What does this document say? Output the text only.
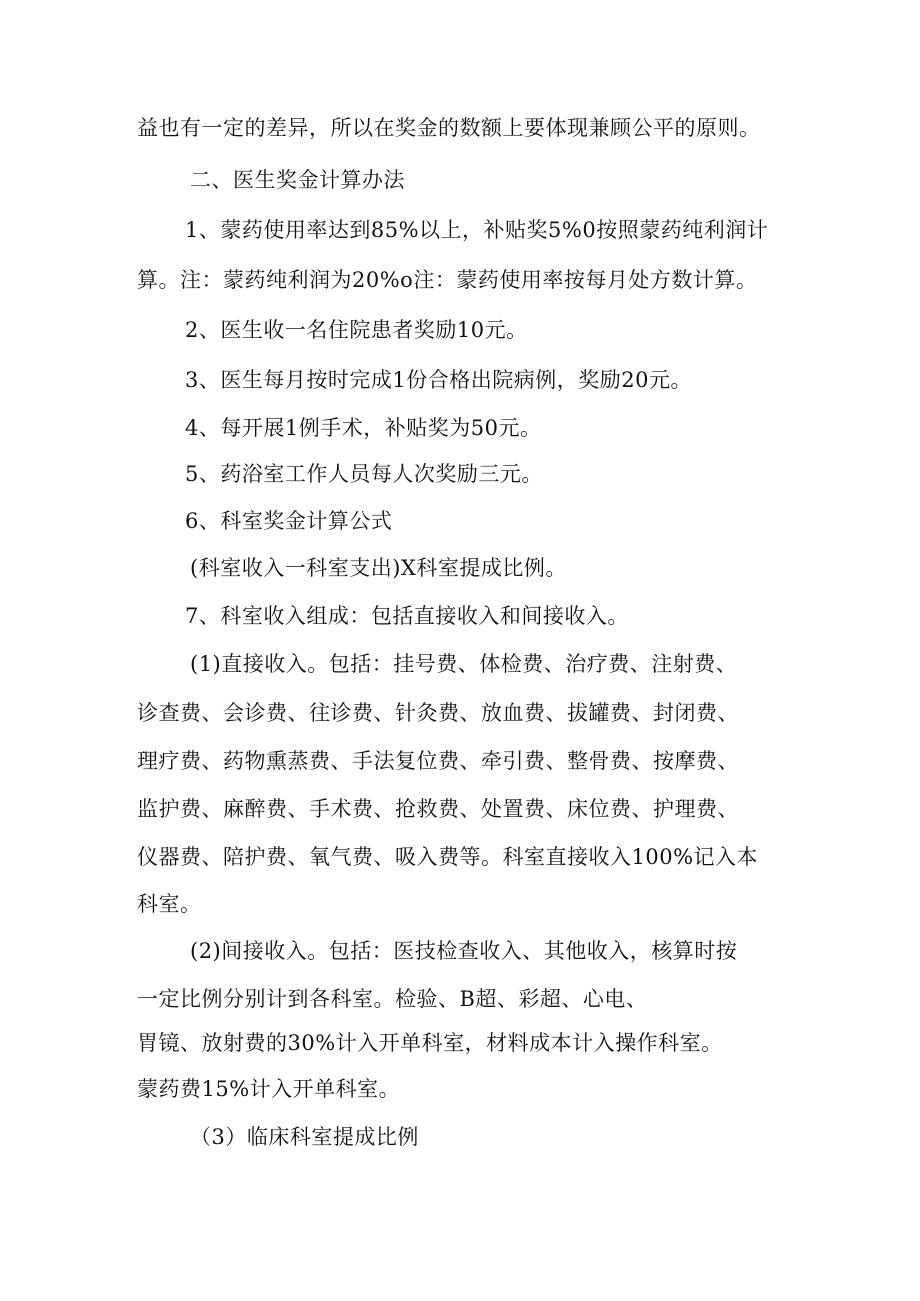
益也有一定的差异，所以在奖金的数额上要体现兼顾公平的原则。
二、医生奖金计算办法
1、蒙药使用率达到85%以上，补贴奖5%0按照蒙药纯利润计
算。注：蒙药纯利润为20%o注：蒙药使用率按每月处方数计算。
2、医生收一名住院患者奖励10元。
3、医生每月按时完成1份合格出院病例，奖励20元。
4、每开展1例手术，补贴奖为50元。
5、药浴室工作人员每人次奖励三元。
6、科室奖金计算公式
(科室收入一科室支出)X科室提成比例。
7、科室收入组成：包括直接收入和间接收入。
(1)直接收入。包括：挂号费、体检费、治疗费、注射费、
诊查费、会诊费、往诊费、针灸费、放血费、拔罐费、封闭费、
理疗费、药物熏蒸费、手法复位费、牵引费、整骨费、按摩费、
监护费、麻醉费、手术费、抢救费、处置费、床位费、护理费、
仪器费、陪护费、氧气费、吸入费等。科室直接收入100%记入本
科室。
(2)间接收入。包括：医技检查收入、其他收入，核算时按
一定比例分别计到各科室。检验、B超、彩超、心电、
胃镜、放射费的30%计入开单科室，材料成本计入操作科室。
蒙药费15%计入开单科室。
（3）临床科室提成比例
